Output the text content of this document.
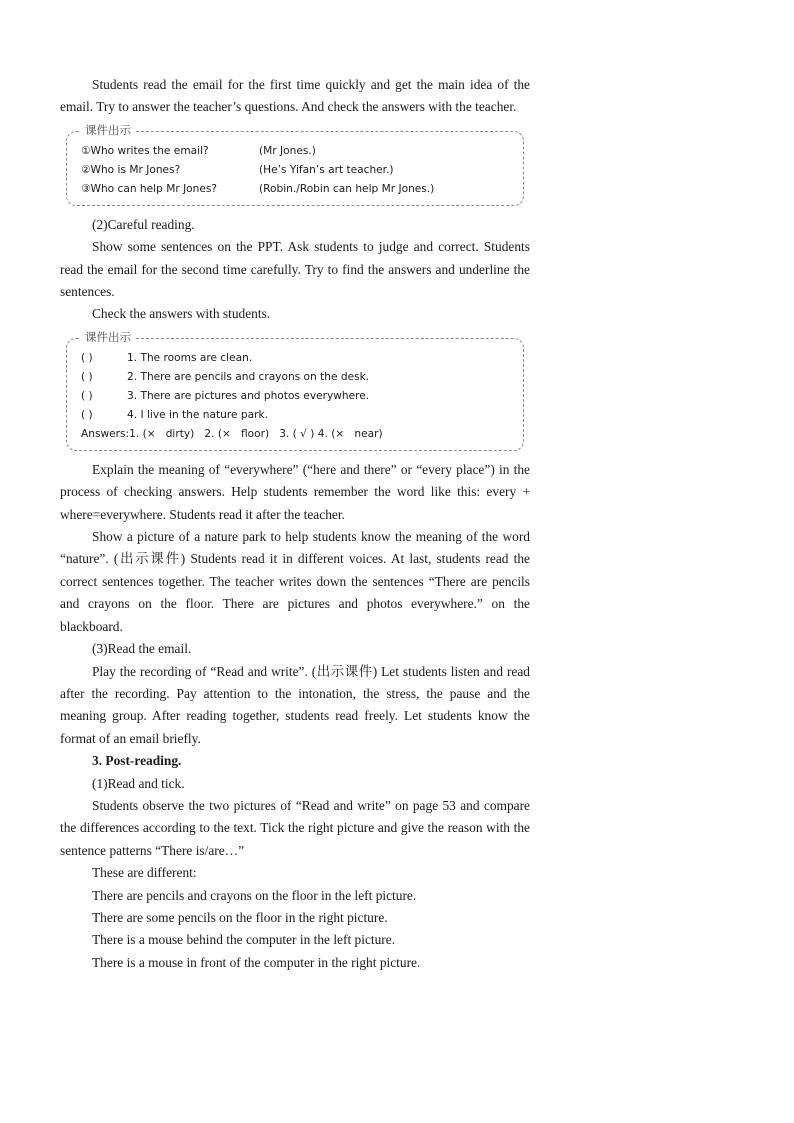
Students read the email for the first time quickly and get the main idea of the email. Try to answer the teacher’s questions. And check the answers with the teacher.

课件出示
①Who writes the email?	(Mr Jones.)
②Who is Mr Jones?	(He’s Yifan’s art teacher.)
③Who can help Mr Jones?	(Robin./Robin can help Mr Jones.)

(2)Careful reading.

Show some sentences on the PPT. Ask students to judge and correct. Students read the email for the second time carefully. Try to find the answers and underline the sentences.

Check the answers with students.

课件出示
( )	1. The rooms are clean.
( )	2. There are pencils and crayons on the desk.
( )	3. There are pictures and photos everywhere.
( )	4. I live in the nature park.
Answers:1. (×   dirty)   2. (×   floor)   3. ( √ ) 4. (×   near)

Explain the meaning of “everywhere” (“here and there” or “every place”) in the process of checking answers. Help students remember the word like this: every + where=everywhere. Students read it after the teacher.

Show a picture of a nature park to help students know the meaning of the word “nature”. (出示课件) Students read it in different voices. At last, students read the correct sentences together. The teacher writes down the sentences “There are pencils and crayons on the floor. There are pictures and photos everywhere.” on the blackboard.

(3)Read the email.

Play the recording of “Read and write”. (出示课件) Let students listen and read after the recording. Pay attention to the intonation, the stress, the pause and the meaning group. After reading together, students read freely. Let students know the format of an email briefly.

3. Post-reading.

(1)Read and tick.

Students observe the two pictures of “Read and write” on page 53 and compare the differences according to the text. Tick the right picture and give the reason with the sentence patterns “There is/are…”

These are different:

There are pencils and crayons on the floor in the left picture.

There are some pencils on the floor in the right picture.

There is a mouse behind the computer in the left picture.

There is a mouse in front of the computer in the right picture.
